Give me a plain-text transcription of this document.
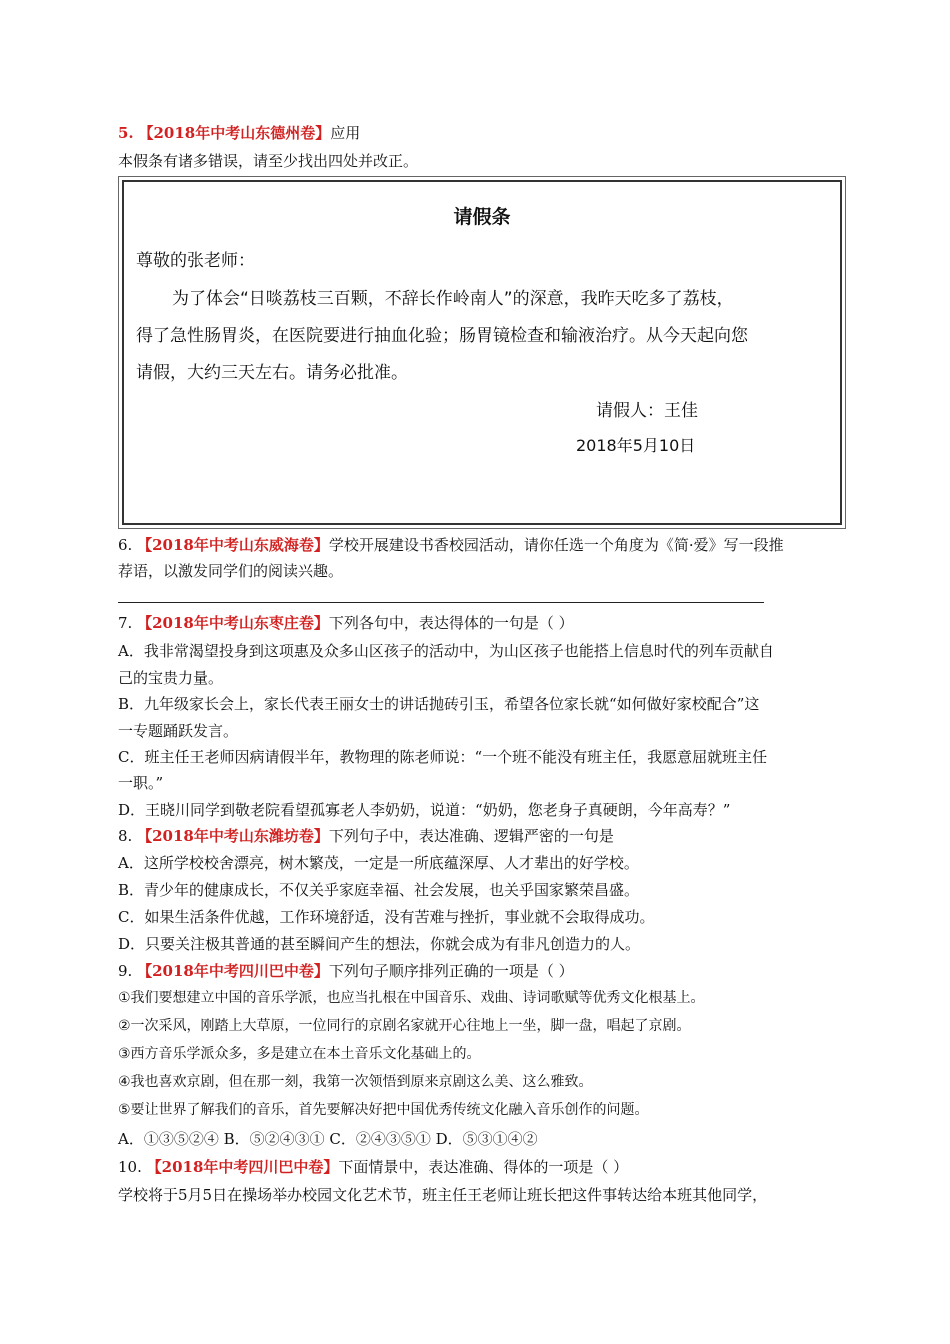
5. 【2018年中考山东德州卷】应用
本假条有诸多错误，请至少找出四处并改正。
请假条
尊敬的张老师：
为了体会“日啖荔枝三百颗，不辞长作岭南人”的深意，我昨天吃多了荔枝，
得了急性肠胃炎，在医院要进行抽血化验；肠胃镜检查和输液治疗。从今天起向您
请假，大约三天左右。请务必批准。
请假人：王佳
2018年5月10日
6. 【2018年中考山东威海卷】学校开展建设书香校园活动，请你任选一个角度为《简·爱》写一段推
荐语，以激发同学们的阅读兴趣。
7. 【2018年中考山东枣庄卷】下列各句中，表达得体的一句是（ ）
A．我非常渴望投身到这项惠及众多山区孩子的活动中，为山区孩子也能搭上信息时代的列车贡献自
己的宝贵力量。
B．九年级家长会上，家长代表王丽女士的讲话抛砖引玉，希望各位家长就“如何做好家校配合”这
一专题踊跃发言。
C．班主任王老师因病请假半年，教物理的陈老师说：“一个班不能没有班主任，我愿意屈就班主任
一职。”
D．王晓川同学到敬老院看望孤寡老人李奶奶，说道：“奶奶，您老身子真硬朗，今年高寿？”
8. 【2018年中考山东潍坊卷】下列句子中，表达准确、逻辑严密的一句是
A．这所学校校舍漂亮，树木繁茂，一定是一所底蕴深厚、人才辈出的好学校。
B．青少年的健康成长，不仅关乎家庭幸福、社会发展，也关乎国家繁荣昌盛。
C．如果生活条件优越，工作环境舒适，没有苦难与挫折，事业就不会取得成功。
D．只要关注极其普通的甚至瞬间产生的想法，你就会成为有非凡创造力的人。
9. 【2018年中考四川巴中卷】下列句子顺序排列正确的一项是（ ）
①我们要想建立中国的音乐学派，也应当扎根在中国音乐、戏曲、诗词歌赋等优秀文化根基上。
②一次采风，刚踏上大草原，一位同行的京剧名家就开心往地上一坐，脚一盘，唱起了京剧。
③西方音乐学派众多，多是建立在本土音乐文化基础上的。
④我也喜欢京剧，但在那一刻，我第一次领悟到原来京剧这么美、这么雅致。
⑤要让世界了解我们的音乐，首先要解决好把中国优秀传统文化融入音乐创作的问题。
A．①③⑤②④ B．⑤②④③① C．②④③⑤① D．⑤③①④②
10. 【2018年中考四川巴中卷】下面情景中，表达准确、得体的一项是（ ）
学校将于5月5日在操场举办校园文化艺术节，班主任王老师让班长把这件事转达给本班其他同学，
